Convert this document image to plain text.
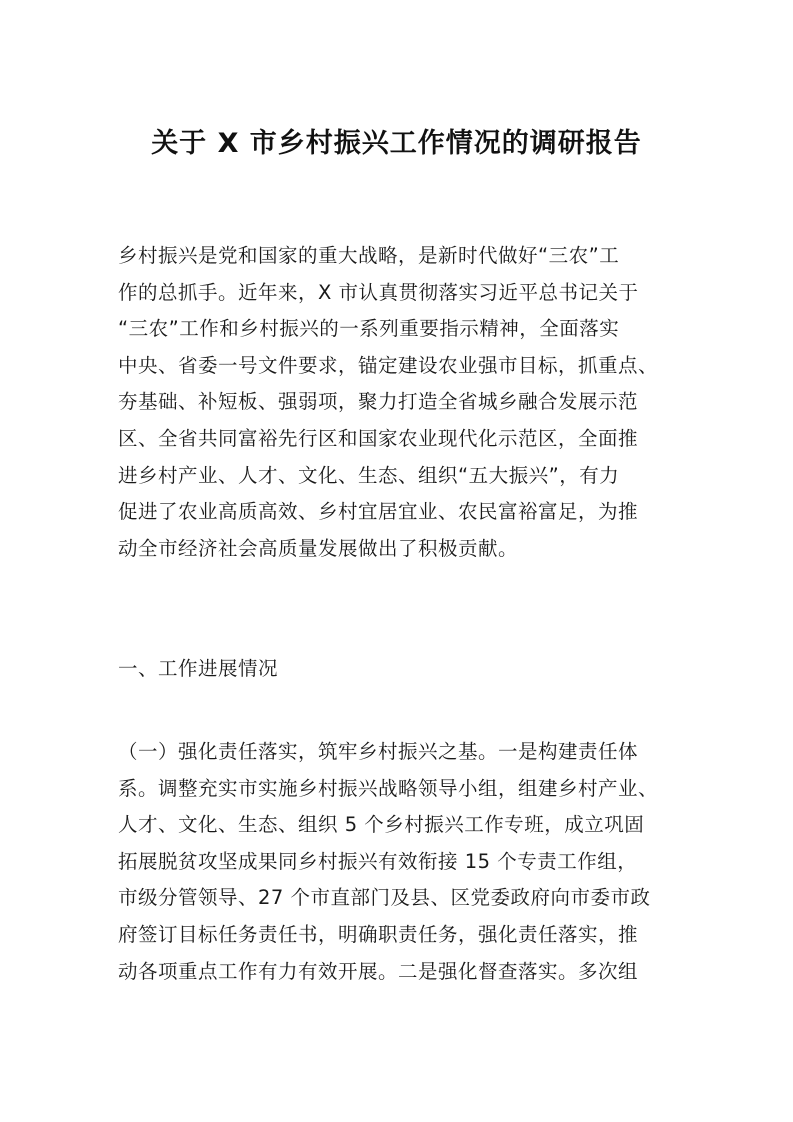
关于 X 市乡村振兴工作情况的调研报告
乡村振兴是党和国家的重大战略，是新时代做好“三农”工
作的总抓手。近年来，X 市认真贯彻落实习近平总书记关于
“三农”工作和乡村振兴的一系列重要指示精神，全面落实
中央、省委一号文件要求，锚定建设农业强市目标，抓重点、
夯基础、补短板、强弱项，聚力打造全省城乡融合发展示范
区、全省共同富裕先行区和国家农业现代化示范区，全面推
进乡村产业、人才、文化、生态、组织“五大振兴”，有力
促进了农业高质高效、乡村宜居宜业、农民富裕富足，为推
动全市经济社会高质量发展做出了积极贡献。
一、工作进展情况
（一）强化责任落实，筑牢乡村振兴之基。一是构建责任体
系。调整充实市实施乡村振兴战略领导小组，组建乡村产业、
人才、文化、生态、组织 5 个乡村振兴工作专班，成立巩固
拓展脱贫攻坚成果同乡村振兴有效衔接 15 个专责工作组，
市级分管领导、27 个市直部门及县、区党委政府向市委市政
府签订目标任务责任书，明确职责任务，强化责任落实，推
动各项重点工作有力有效开展。二是强化督查落实。多次组
